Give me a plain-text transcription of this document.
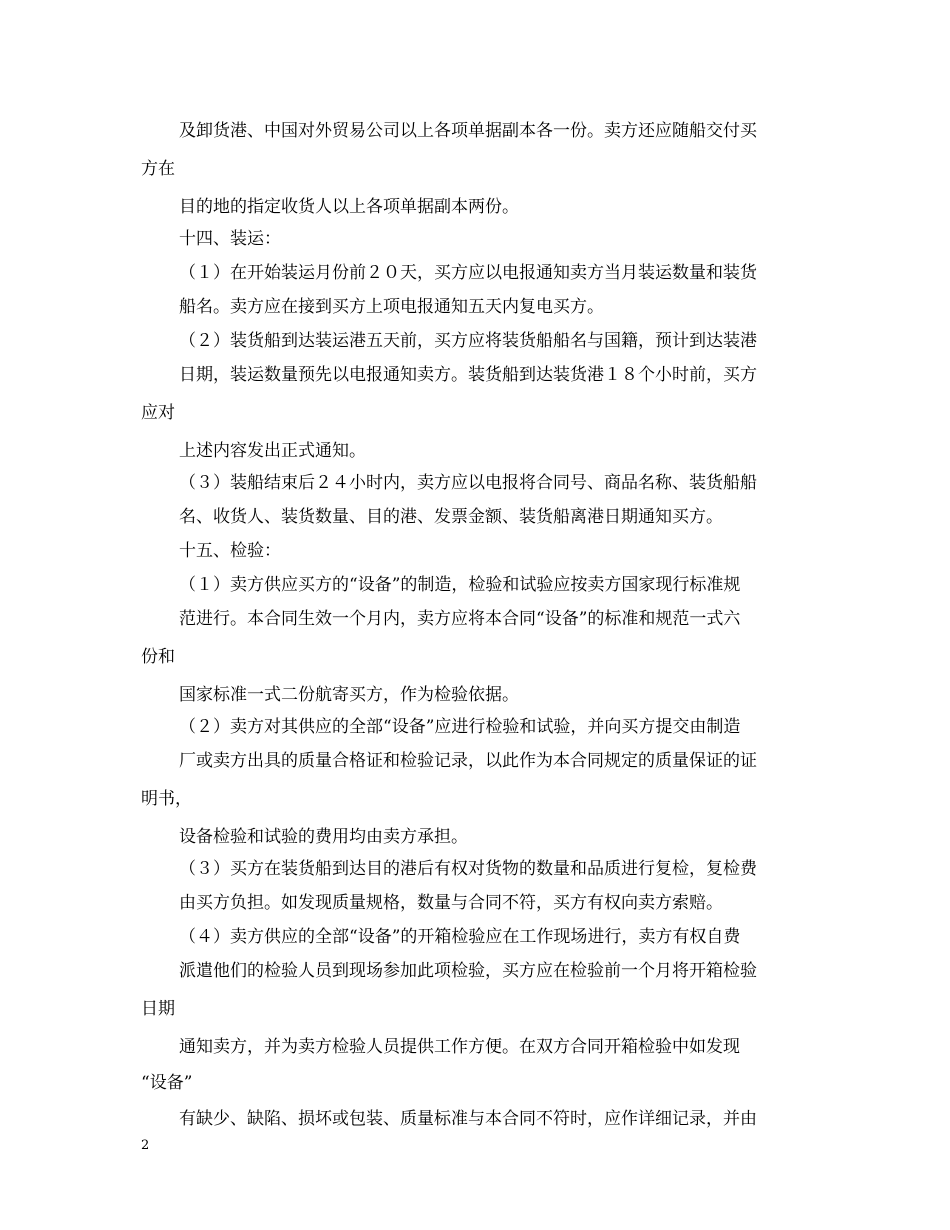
及卸货港、中国对外贸易公司以上各项单据副本各一份。卖方还应随船交付买
方在
目的地的指定收货人以上各项单据副本两份。
十四、装运：
（１）在开始装运月份前２０天，买方应以电报通知卖方当月装运数量和装货
船名。卖方应在接到买方上项电报通知五天内复电买方。
（２）装货船到达装运港五天前，买方应将装货船船名与国籍，预计到达装港
日期，装运数量预先以电报通知卖方。装货船到达装货港１８个小时前，买方
应对
上述内容发出正式通知。
（３）装船结束后２４小时内，卖方应以电报将合同号、商品名称、装货船船
名、收货人、装货数量、目的港、发票金额、装货船离港日期通知买方。
十五、检验：
（１）卖方供应买方的“设备”的制造，检验和试验应按卖方国家现行标准规
范进行。本合同生效一个月内，卖方应将本合同“设备”的标准和规范一式六
份和
国家标准一式二份航寄买方，作为检验依据。
（２）卖方对其供应的全部“设备”应进行检验和试验，并向买方提交由制造
厂或卖方出具的质量合格证和检验记录，以此作为本合同规定的质量保证的证
明书，
设备检验和试验的费用均由卖方承担。
（３）买方在装货船到达目的港后有权对货物的数量和品质进行复检，复检费
由买方负担。如发现质量规格，数量与合同不符，买方有权向卖方索赔。
（４）卖方供应的全部“设备”的开箱检验应在工作现场进行，卖方有权自费
派遣他们的检验人员到现场参加此项检验，买方应在检验前一个月将开箱检验
日期
通知卖方，并为卖方检验人员提供工作方便。在双方合同开箱检验中如发现
“设备”
有缺少、缺陷、损坏或包装、质量标准与本合同不符时，应作详细记录，并由
2
